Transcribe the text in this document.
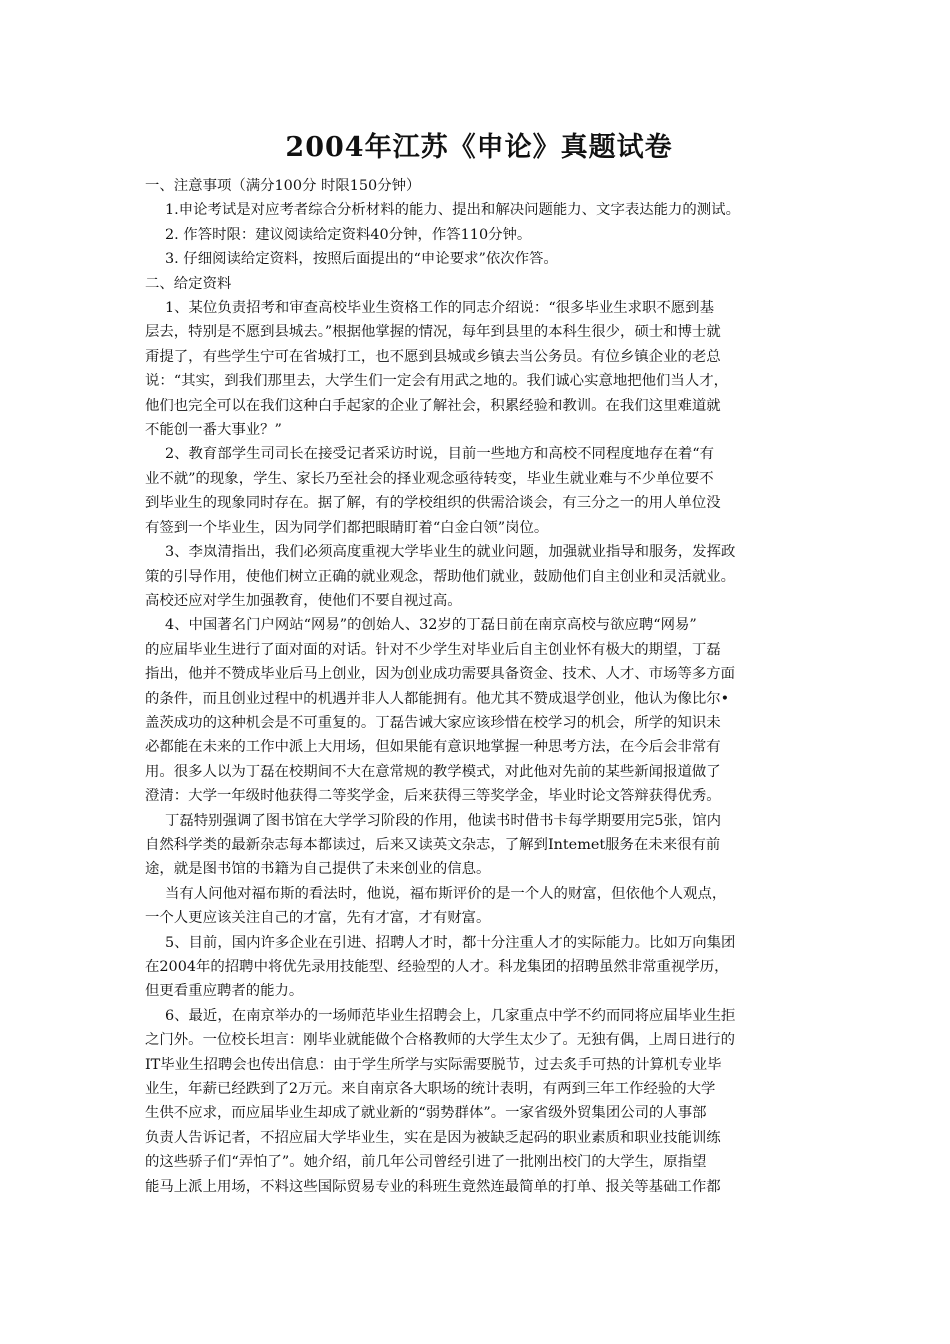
2004年江苏《申论》真题试卷

一、注意事项（满分100分 时限150分钟）

1.申论考试是对应考者综合分析材料的能力、提出和解决问题能力、文字表达能力的测试。

2. 作答时限：建议阅读给定资料40分钟，作答110分钟。

3. 仔细阅读给定资料，按照后面提出的“申论要求”依次作答。

二、给定资料

1、某位负责招考和审查高校毕业生资格工作的同志介绍说：“很多毕业生求职不愿到基

层去，特别是不愿到县城去。”根据他掌握的情况，每年到县里的本科生很少，硕士和博士就

甭提了，有些学生宁可在省城打工，也不愿到县城或乡镇去当公务员。有位乡镇企业的老总

说：“其实，到我们那里去，大学生们一定会有用武之地的。我们诚心实意地把他们当人才，

他们也完全可以在我们这种白手起家的企业了解社会，积累经验和教训。在我们这里难道就

不能创一番大事业？”

2、教育部学生司司长在接受记者采访时说，目前一些地方和高校不同程度地存在着“有

业不就”的现象，学生、家长乃至社会的择业观念亟待转变，毕业生就业难与不少单位要不

到毕业生的现象同时存在。据了解，有的学校组织的供需洽谈会，有三分之一的用人单位没

有签到一个毕业生，因为同学们都把眼睛盯着“白金白领”岗位。

3、李岚清指出，我们必须高度重视大学毕业生的就业问题，加强就业指导和服务，发挥政

策的引导作用，使他们树立正确的就业观念，帮助他们就业，鼓励他们自主创业和灵活就业。

高校还应对学生加强教育，使他们不要自视过高。

4、中国著名门户网站“网易”的创始人、32岁的丁磊日前在南京高校与欲应聘“网易”

的应届毕业生进行了面对面的对话。针对不少学生对毕业后自主创业怀有极大的期望，丁磊

指出，他并不赞成毕业后马上创业，因为创业成功需要具备资金、技术、人才、市场等多方面

的条件，而且创业过程中的机遇并非人人都能拥有。他尤其不赞成退学创业，他认为像比尔•

盖茨成功的这种机会是不可重复的。丁磊告诫大家应该珍惜在校学习的机会，所学的知识未

必都能在未来的工作中派上大用场，但如果能有意识地掌握一种思考方法，在今后会非常有

用。很多人以为丁磊在校期间不大在意常规的教学模式，对此他对先前的某些新闻报道做了

澄清：大学一年级时他获得二等奖学金，后来获得三等奖学金，毕业时论文答辩获得优秀。

丁磊特别强调了图书馆在大学学习阶段的作用，他读书时借书卡每学期要用完5张，馆内

自然科学类的最新杂志每本都读过，后来又读英文杂志，了解到Intemet服务在未来很有前

途，就是图书馆的书籍为自己提供了未来创业的信息。

当有人问他对福布斯的看法时，他说，福布斯评价的是一个人的财富，但依他个人观点，

一个人更应该关注自己的才富，先有才富，才有财富。

5、目前，国内许多企业在引进、招聘人才时，都十分注重人才的实际能力。比如万向集团

在2004年的招聘中将优先录用技能型、经验型的人才。科龙集团的招聘虽然非常重视学历，

但更看重应聘者的能力。

6、最近，在南京举办的一场师范毕业生招聘会上，几家重点中学不约而同将应届毕业生拒

之门外。一位校长坦言：刚毕业就能做个合格教师的大学生太少了。无独有偶，上周日进行的

IT毕业生招聘会也传出信息：由于学生所学与实际需要脱节，过去炙手可热的计算机专业毕

业生，年薪已经跌到了2万元。来自南京各大职场的统计表明，有两到三年工作经验的大学

生供不应求，而应届毕业生却成了就业新的“弱势群体”。一家省级外贸集团公司的人事部

负责人告诉记者，不招应届大学毕业生，实在是因为被缺乏起码的职业素质和职业技能训练

的这些骄子们“弄怕了”。她介绍，前几年公司曾经引进了一批刚出校门的大学生，原指望

能马上派上用场，不料这些国际贸易专业的科班生竟然连最简单的打单、报关等基础工作都
